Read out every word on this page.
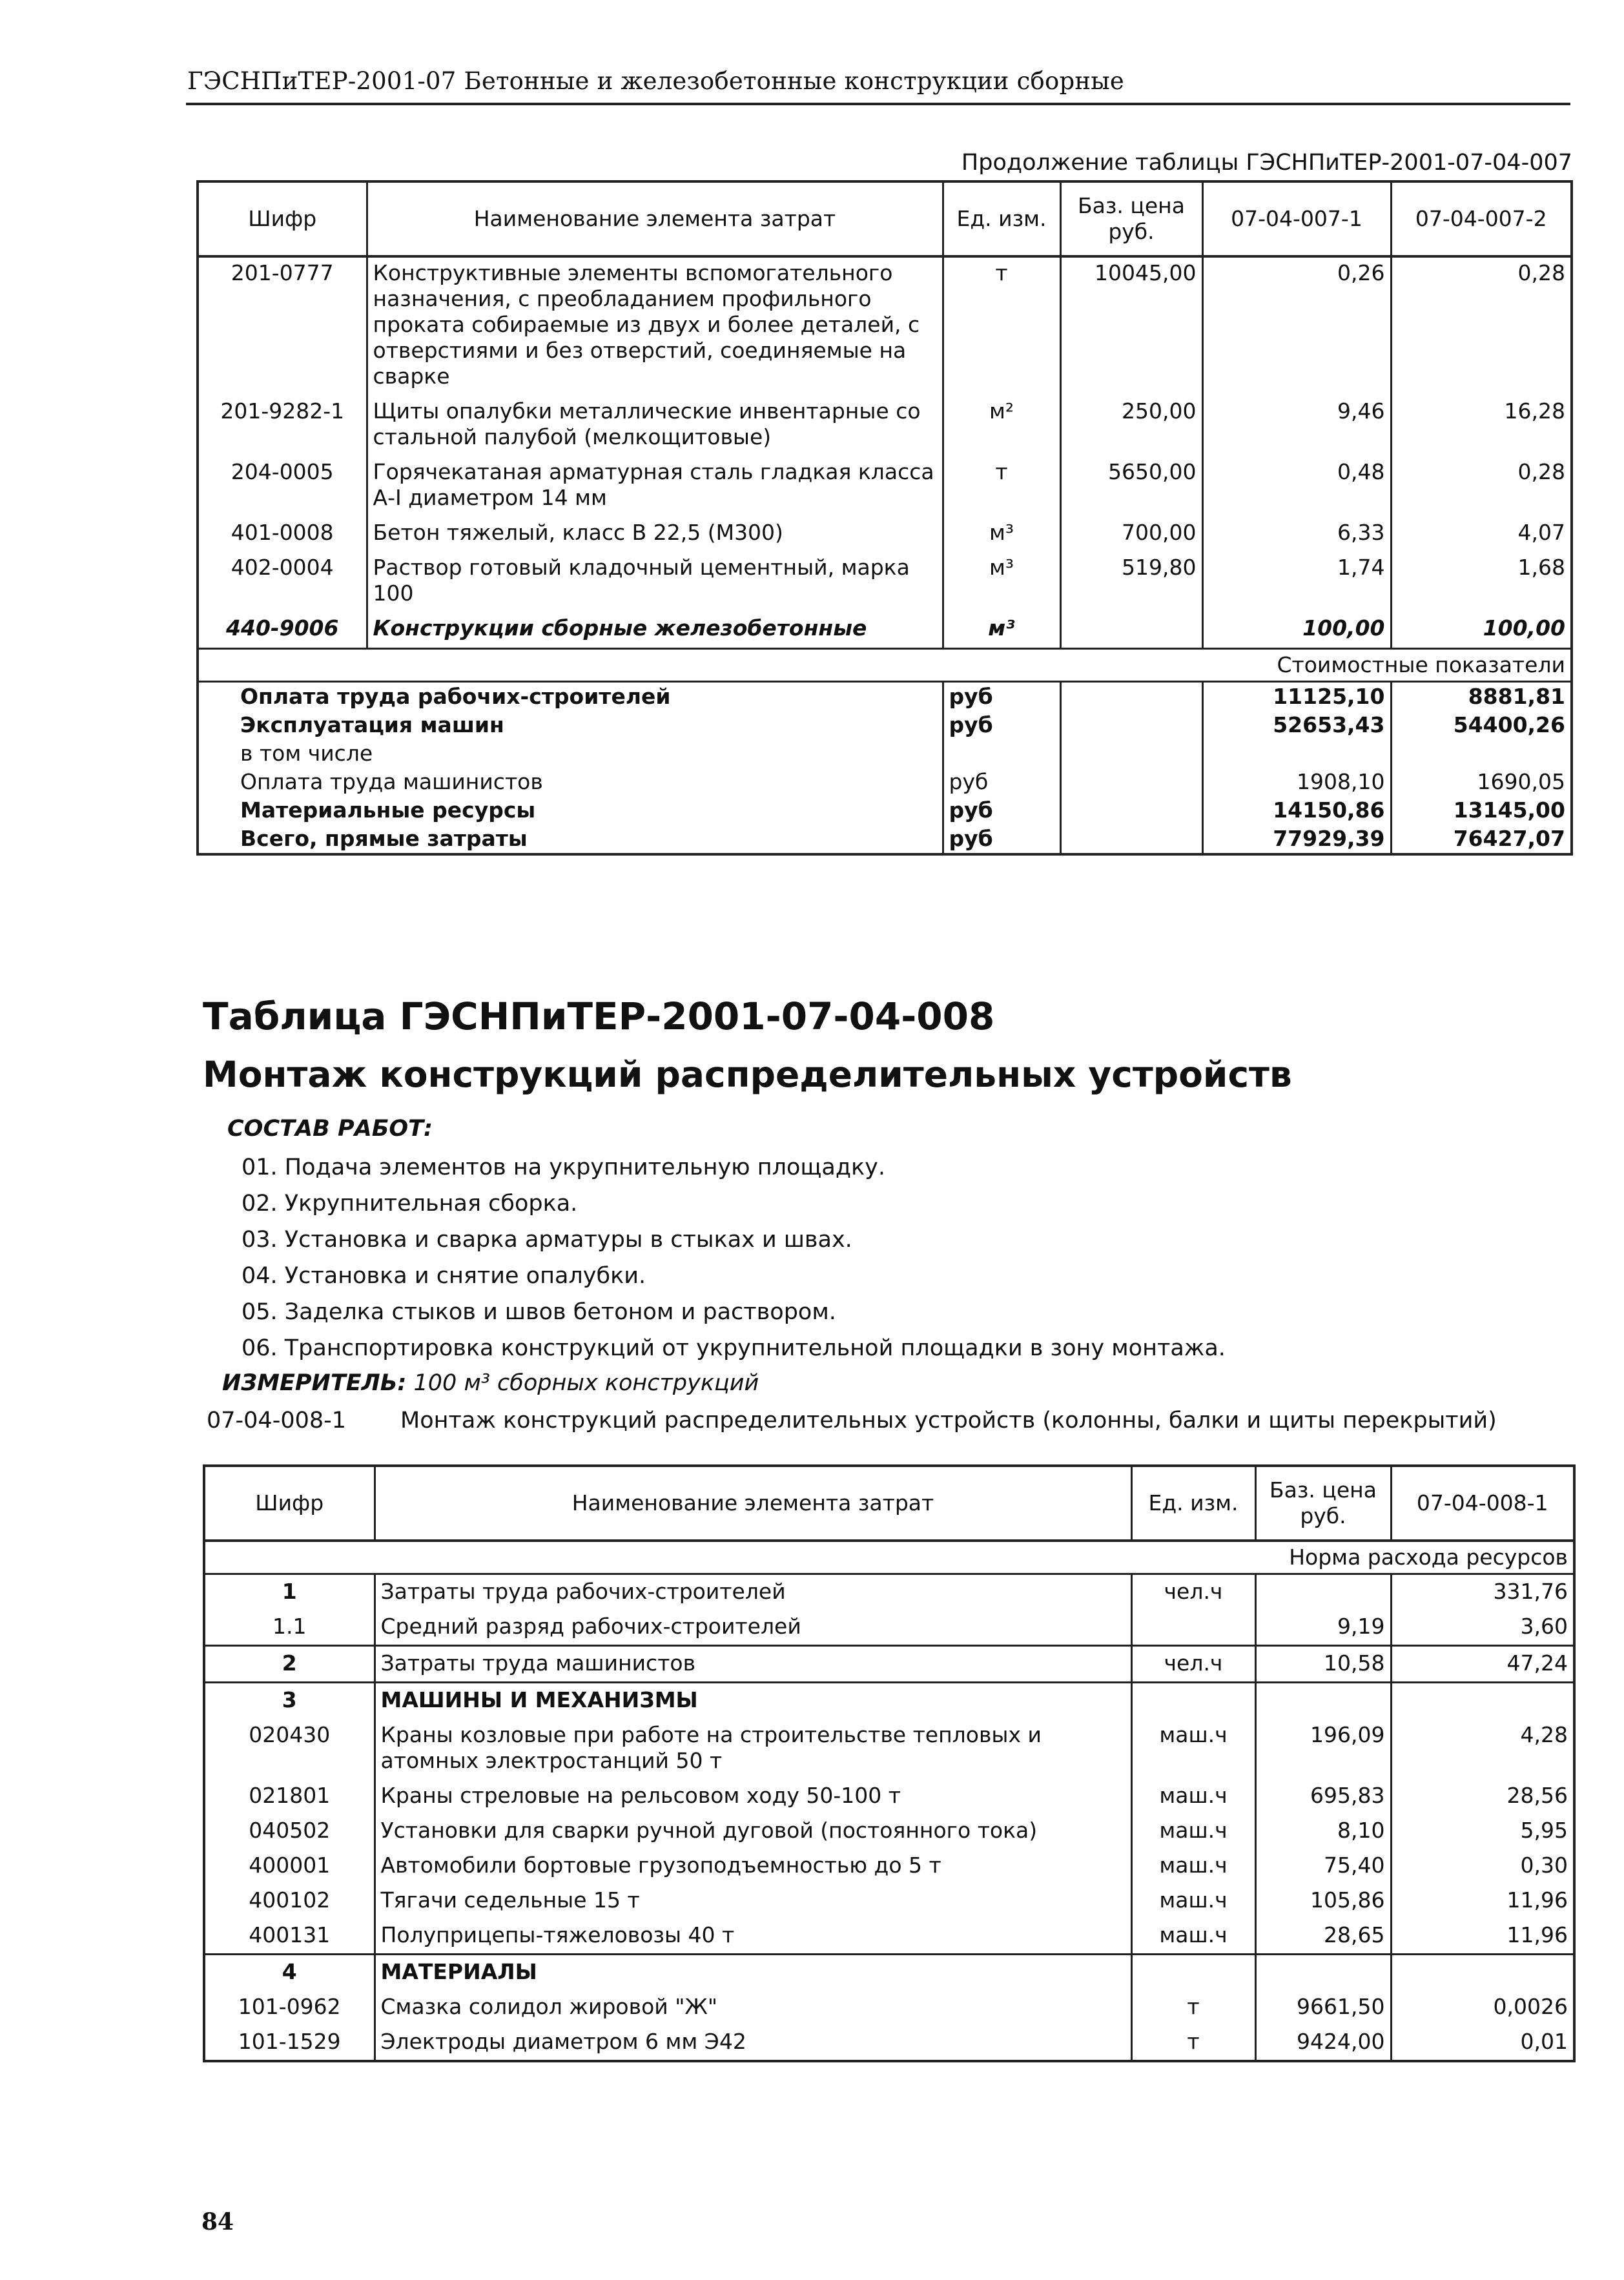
ГЭСНПиТЕР-2001-07 Бетонные и железобетонные конструкции сборные
Продолжение таблицы ГЭСНПиТЕР-2001-07-04-007
Шифр	Наименование элемента затрат	Ед. изм.	Баз. цена руб.	07-04-007-1	07-04-007-2
201-0777	Конструктивные элементы вспомогательного назначения, с преобладанием профильного проката собираемые из двух и более деталей, с отверстиями и без отверстий, соединяемые на сварке	т	10045,00	0,26	0,28
201-9282-1	Щиты опалубки металлические инвентарные со стальной палубой (мелкощитовые)	м²	250,00	9,46	16,28
204-0005	Горячекатаная арматурная сталь гладкая класса А-I диаметром 14 мм	т	5650,00	0,48	0,28
401-0008	Бетон тяжелый, класс В 22,5 (М300)	м³	700,00	6,33	4,07
402-0004	Раствор готовый кладочный цементный, марка 100	м³	519,80	1,74	1,68
440-9006	Конструкции сборные железобетонные	м³		100,00	100,00
				Стоимостные показатели	
Оплата труда рабочих-строителей		руб		11125,10	8881,81
Эксплуатация машин		руб		52653,43	54400,26
в том числе					
Оплата труда машинистов		руб		1908,10	1690,05
Материальные ресурсы		руб		14150,86	13145,00
Всего, прямые затраты		руб		77929,39	76427,07
Таблица ГЭСНПиТЕР-2001-07-04-008
Монтаж конструкций распределительных устройств
СОСТАВ РАБОТ:
01. Подача элементов на укрупнительную площадку.
02. Укрупнительная сборка.
03. Установка и сварка арматуры в стыках и швах.
04. Установка и снятие опалубки.
05. Заделка стыков и швов бетоном и раствором.
06. Транспортировка конструкций от укрупнительной площадки в зону монтажа.
ИЗМЕРИТЕЛЬ: 100 м³ сборных конструкций
07-04-008-1 Монтаж конструкций распределительных устройств (колонны, балки и щиты перекрытий)
Шифр	Наименование элемента затрат	Ед. изм.	Баз. цена руб.	07-04-008-1
			Норма расхода ресурсов	
1	Затраты труда рабочих-строителей	чел.ч		331,76
1.1	Средний разряд рабочих-строителей		9,19	3,60
2	Затраты труда машинистов	чел.ч	10,58	47,24
3	МАШИНЫ И МЕХАНИЗМЫ			
020430	Краны козловые при работе на строительстве тепловых и атомных электростанций 50 т	маш.ч	196,09	4,28
021801	Краны стреловые на рельсовом ходу 50-100 т	маш.ч	695,83	28,56
040502	Установки для сварки ручной дуговой (постоянного тока)	маш.ч	8,10	5,95
400001	Автомобили бортовые грузоподъемностью до 5 т	маш.ч	75,40	0,30
400102	Тягачи седельные 15 т	маш.ч	105,86	11,96
400131	Полуприцепы-тяжеловозы 40 т	маш.ч	28,65	11,96
4	МАТЕРИАЛЫ			
101-0962	Смазка солидол жировой "Ж"	т	9661,50	0,0026
101-1529	Электроды диаметром 6 мм Э42	т	9424,00	0,01
84
